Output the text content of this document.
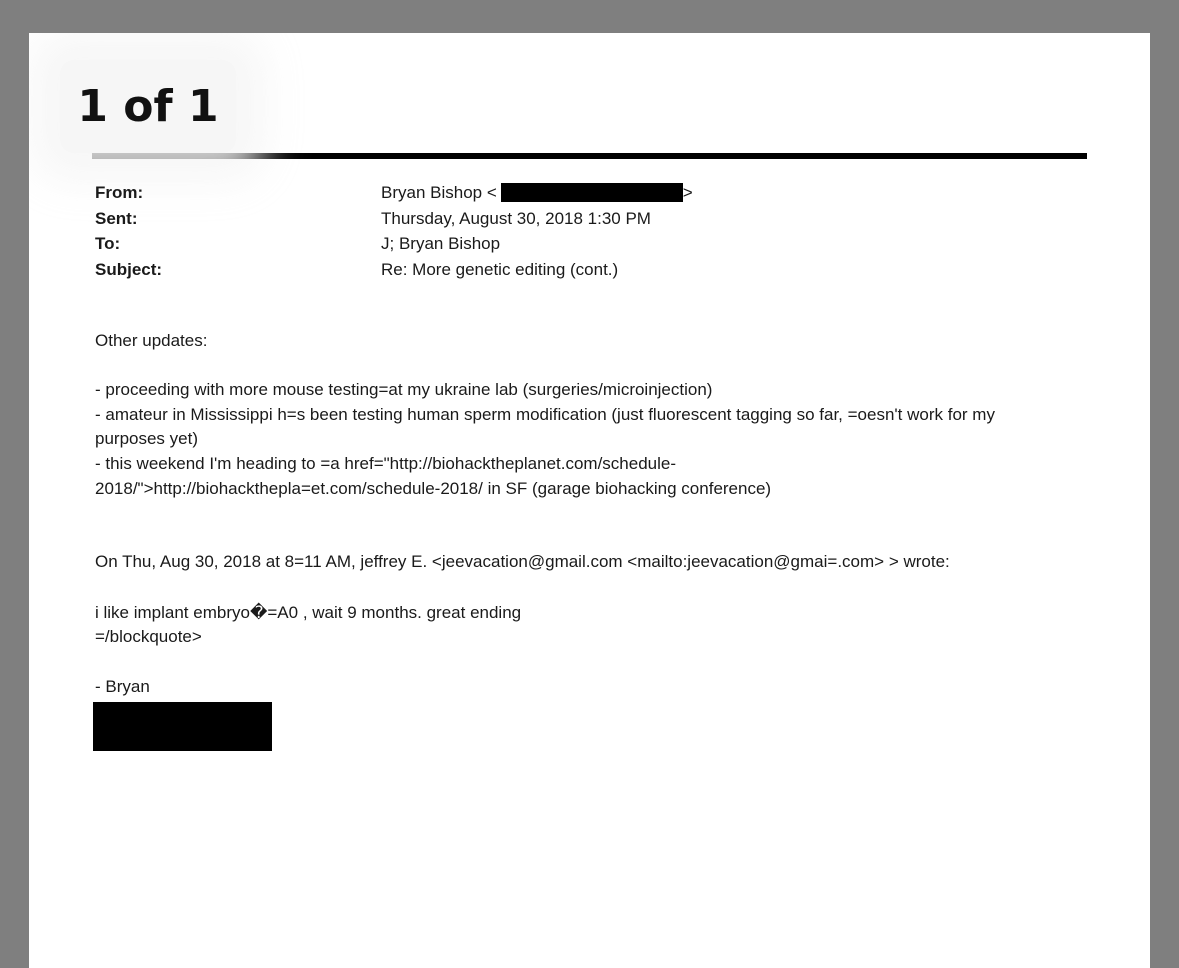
1 of 1
From:	Bryan Bishop <	>
Sent:	Thursday, August 30, 2018 1:30 PM
To:	J; Bryan Bishop
Subject:	Re: More genetic editing (cont.)
Other updates:
- proceeding with more mouse testing=at my ukraine lab (surgeries/microinjection)
- amateur in Mississippi h=s been testing human sperm modification (just fluorescent tagging so far, =oesn't work for my
purposes yet)
- this weekend I'm heading to =a href="http://biohacktheplanet.com/schedule-
2018/">http://biohackthepla=et.com/schedule-2018/ in SF (garage biohacking conference)
On Thu, Aug 30, 2018 at 8=11 AM, jeffrey E. <jeevacation@gmail.com <mailto:jeevacation@gmai=.com> > wrote:
i like implant embryo�=A0 , wait 9 months. great ending
=/blockquote>
- Bryan
